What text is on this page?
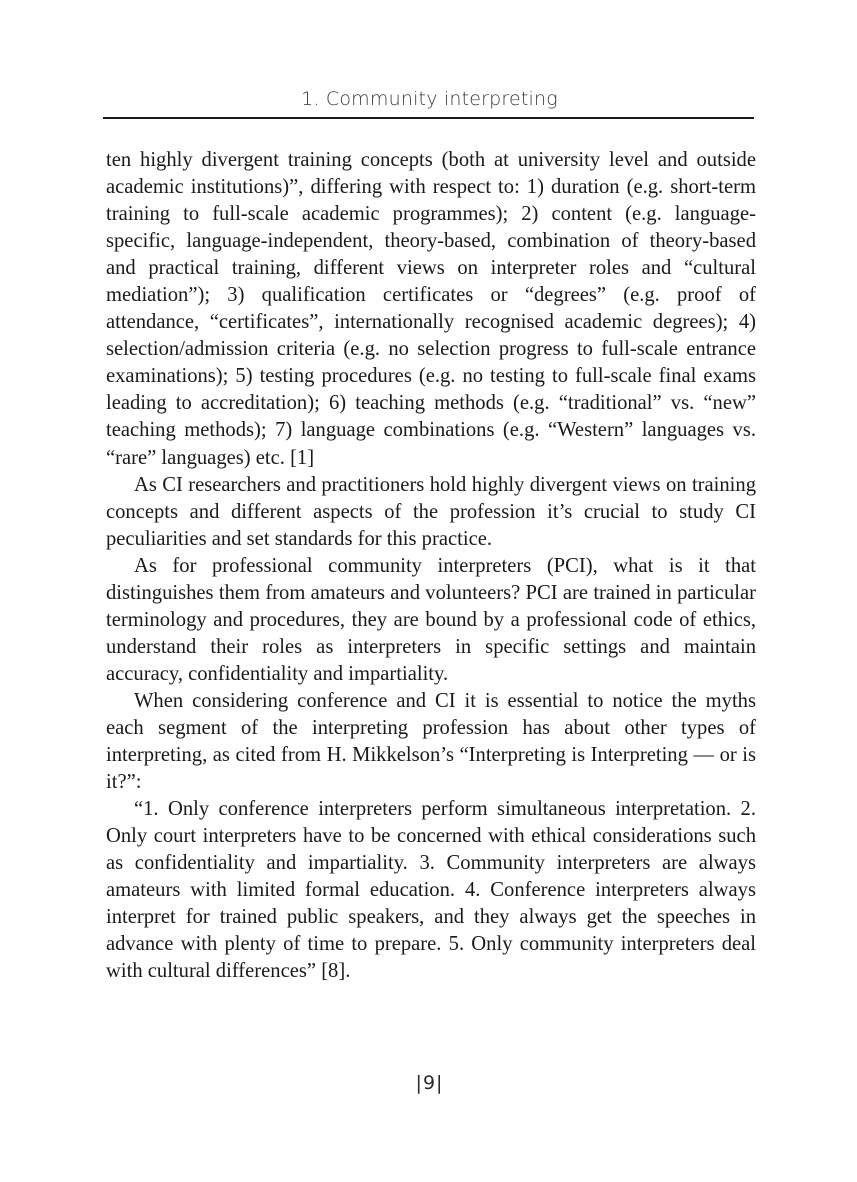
1. Community interpreting

ten highly divergent training concepts (both at university level and outside academic institutions)”, differing with respect to: 1) duration (e.g. short-term training to full-scale academic programmes); 2) content (e.g. language-specific, language-independent, theory-based, combination of theory-based and practical training, different views on interpreter roles and “cultural mediation”); 3) qualification certificates or “degrees” (e.g. proof of attendance, “certificates”, internationally recognised academic degrees); 4) selection/admission criteria (e.g. no selection progress to full-scale entrance examinations); 5) testing procedures (e.g. no testing to full-scale final exams leading to accreditation); 6) teaching methods (e.g. “traditional” vs. “new” teaching methods); 7) language combinations (e.g. “Western” languages vs. “rare” languages) etc. [1]

As CI researchers and practitioners hold highly divergent views on training concepts and different aspects of the profession it’s crucial to study CI peculiarities and set standards for this practice.

As for professional community interpreters (PCI), what is it that distinguishes them from amateurs and volunteers? PCI are trained in particular terminology and procedures, they are bound by a professional code of ethics, understand their roles as interpreters in specific settings and maintain accuracy, confidentiality and impartiality.

When considering conference and CI it is essential to notice the myths each segment of the interpreting profession has about other types of interpreting, as cited from H. Mikkelson’s “Interpreting is Interpreting — or is it?”:

“1. Only conference interpreters perform simultaneous interpretation. 2. Only court interpreters have to be concerned with ethical considerations such as confidentiality and impartiality. 3. Community interpreters are always amateurs with limited formal education. 4. Conference interpreters always interpret for trained public speakers, and they always get the speeches in advance with plenty of time to prepare. 5. Only community interpreters deal with cultural differences” [8].

|9|
